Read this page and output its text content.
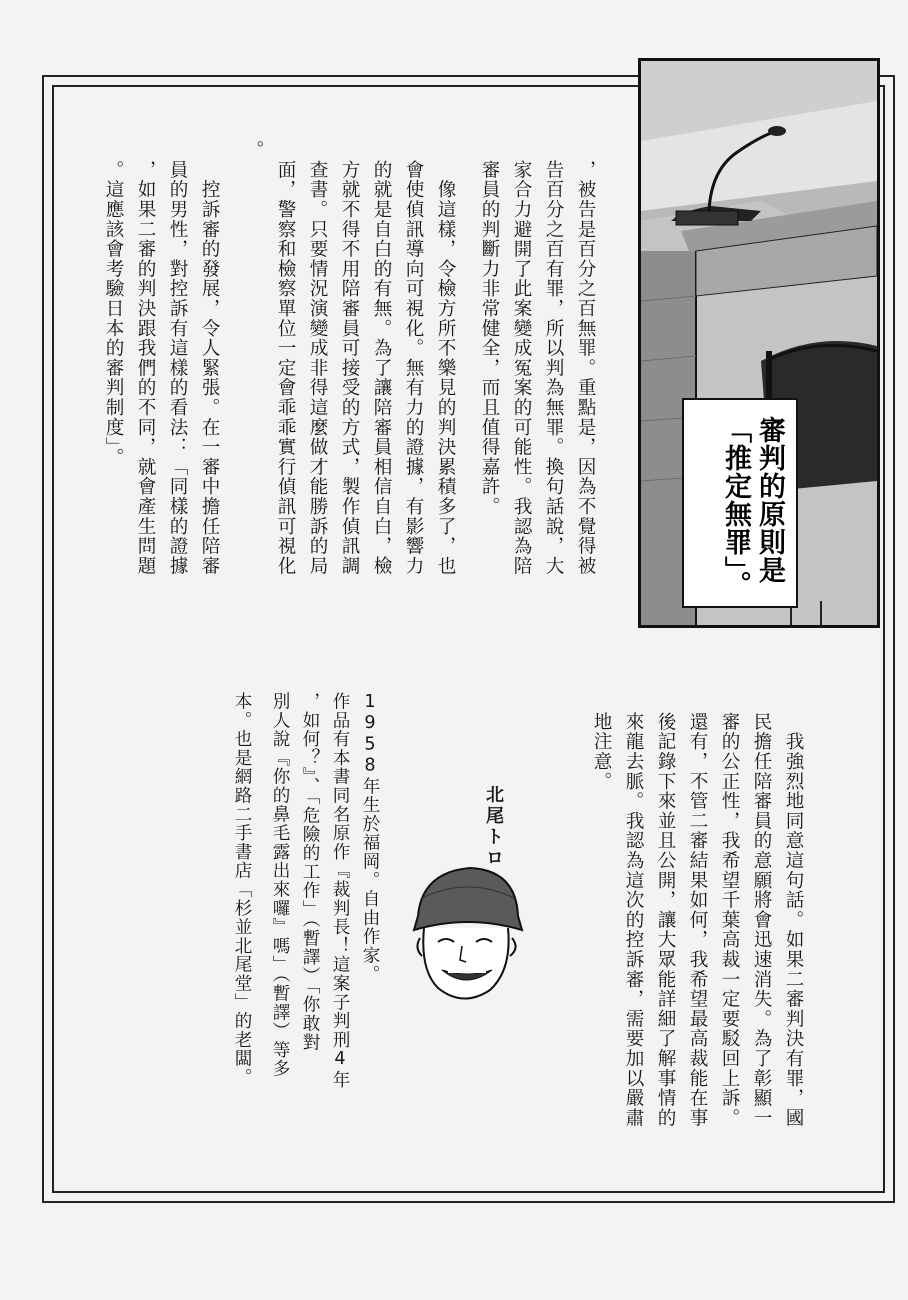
審判的原則是
「推定無罪」。

，被告是百分之百無罪。重點是，因為不覺得被

告百分之百有罪，所以判為無罪。換句話說，大

家合力避開了此案變成冤案的可能性。我認為陪

審員的判斷力非常健全，而且值得嘉許。

　像這樣，令檢方所不樂見的判決累積多了，也

會使偵訊導向可視化。無有力的證據，有影響力

的就是自白的有無。為了讓陪審員相信自白，檢

方就不得不用陪審員可接受的方式，製作偵訊調

查書。只要情況演變成非得這麼做才能勝訴的局

面，警察和檢察單位一定會乖乖實行偵訊可視化

。

　控訴審的發展，令人緊張。在一審中擔任陪審

員的男性，對控訴有這樣的看法：「同樣的證據

，如果二審的判決跟我們的不同，就會產生問題

。這應該會考驗日本的審判制度」。

　我強烈地同意這句話。如果二審判決有罪，國

民擔任陪審員的意願將會迅速消失。為了彰顯一

審的公正性，我希望千葉高裁一定要駁回上訴。

還有，不管二審結果如何，我希望最高裁能在事

後記錄下來並且公開，讓大眾能詳細了解事情的

來龍去脈。我認為這次的控訴審，需要加以嚴肅

地注意。

北尾トロ

1958年生於福岡。自由作家。

作品有本書同名原作『裁判長！這案子判刑4年

，如何？』、「危險的工作」（暫譯）「你敢對

別人說『你的鼻毛露出來囉』嗎」（暫譯）等多

本。也是網路二手書店「杉並北尾堂」的老闆。
